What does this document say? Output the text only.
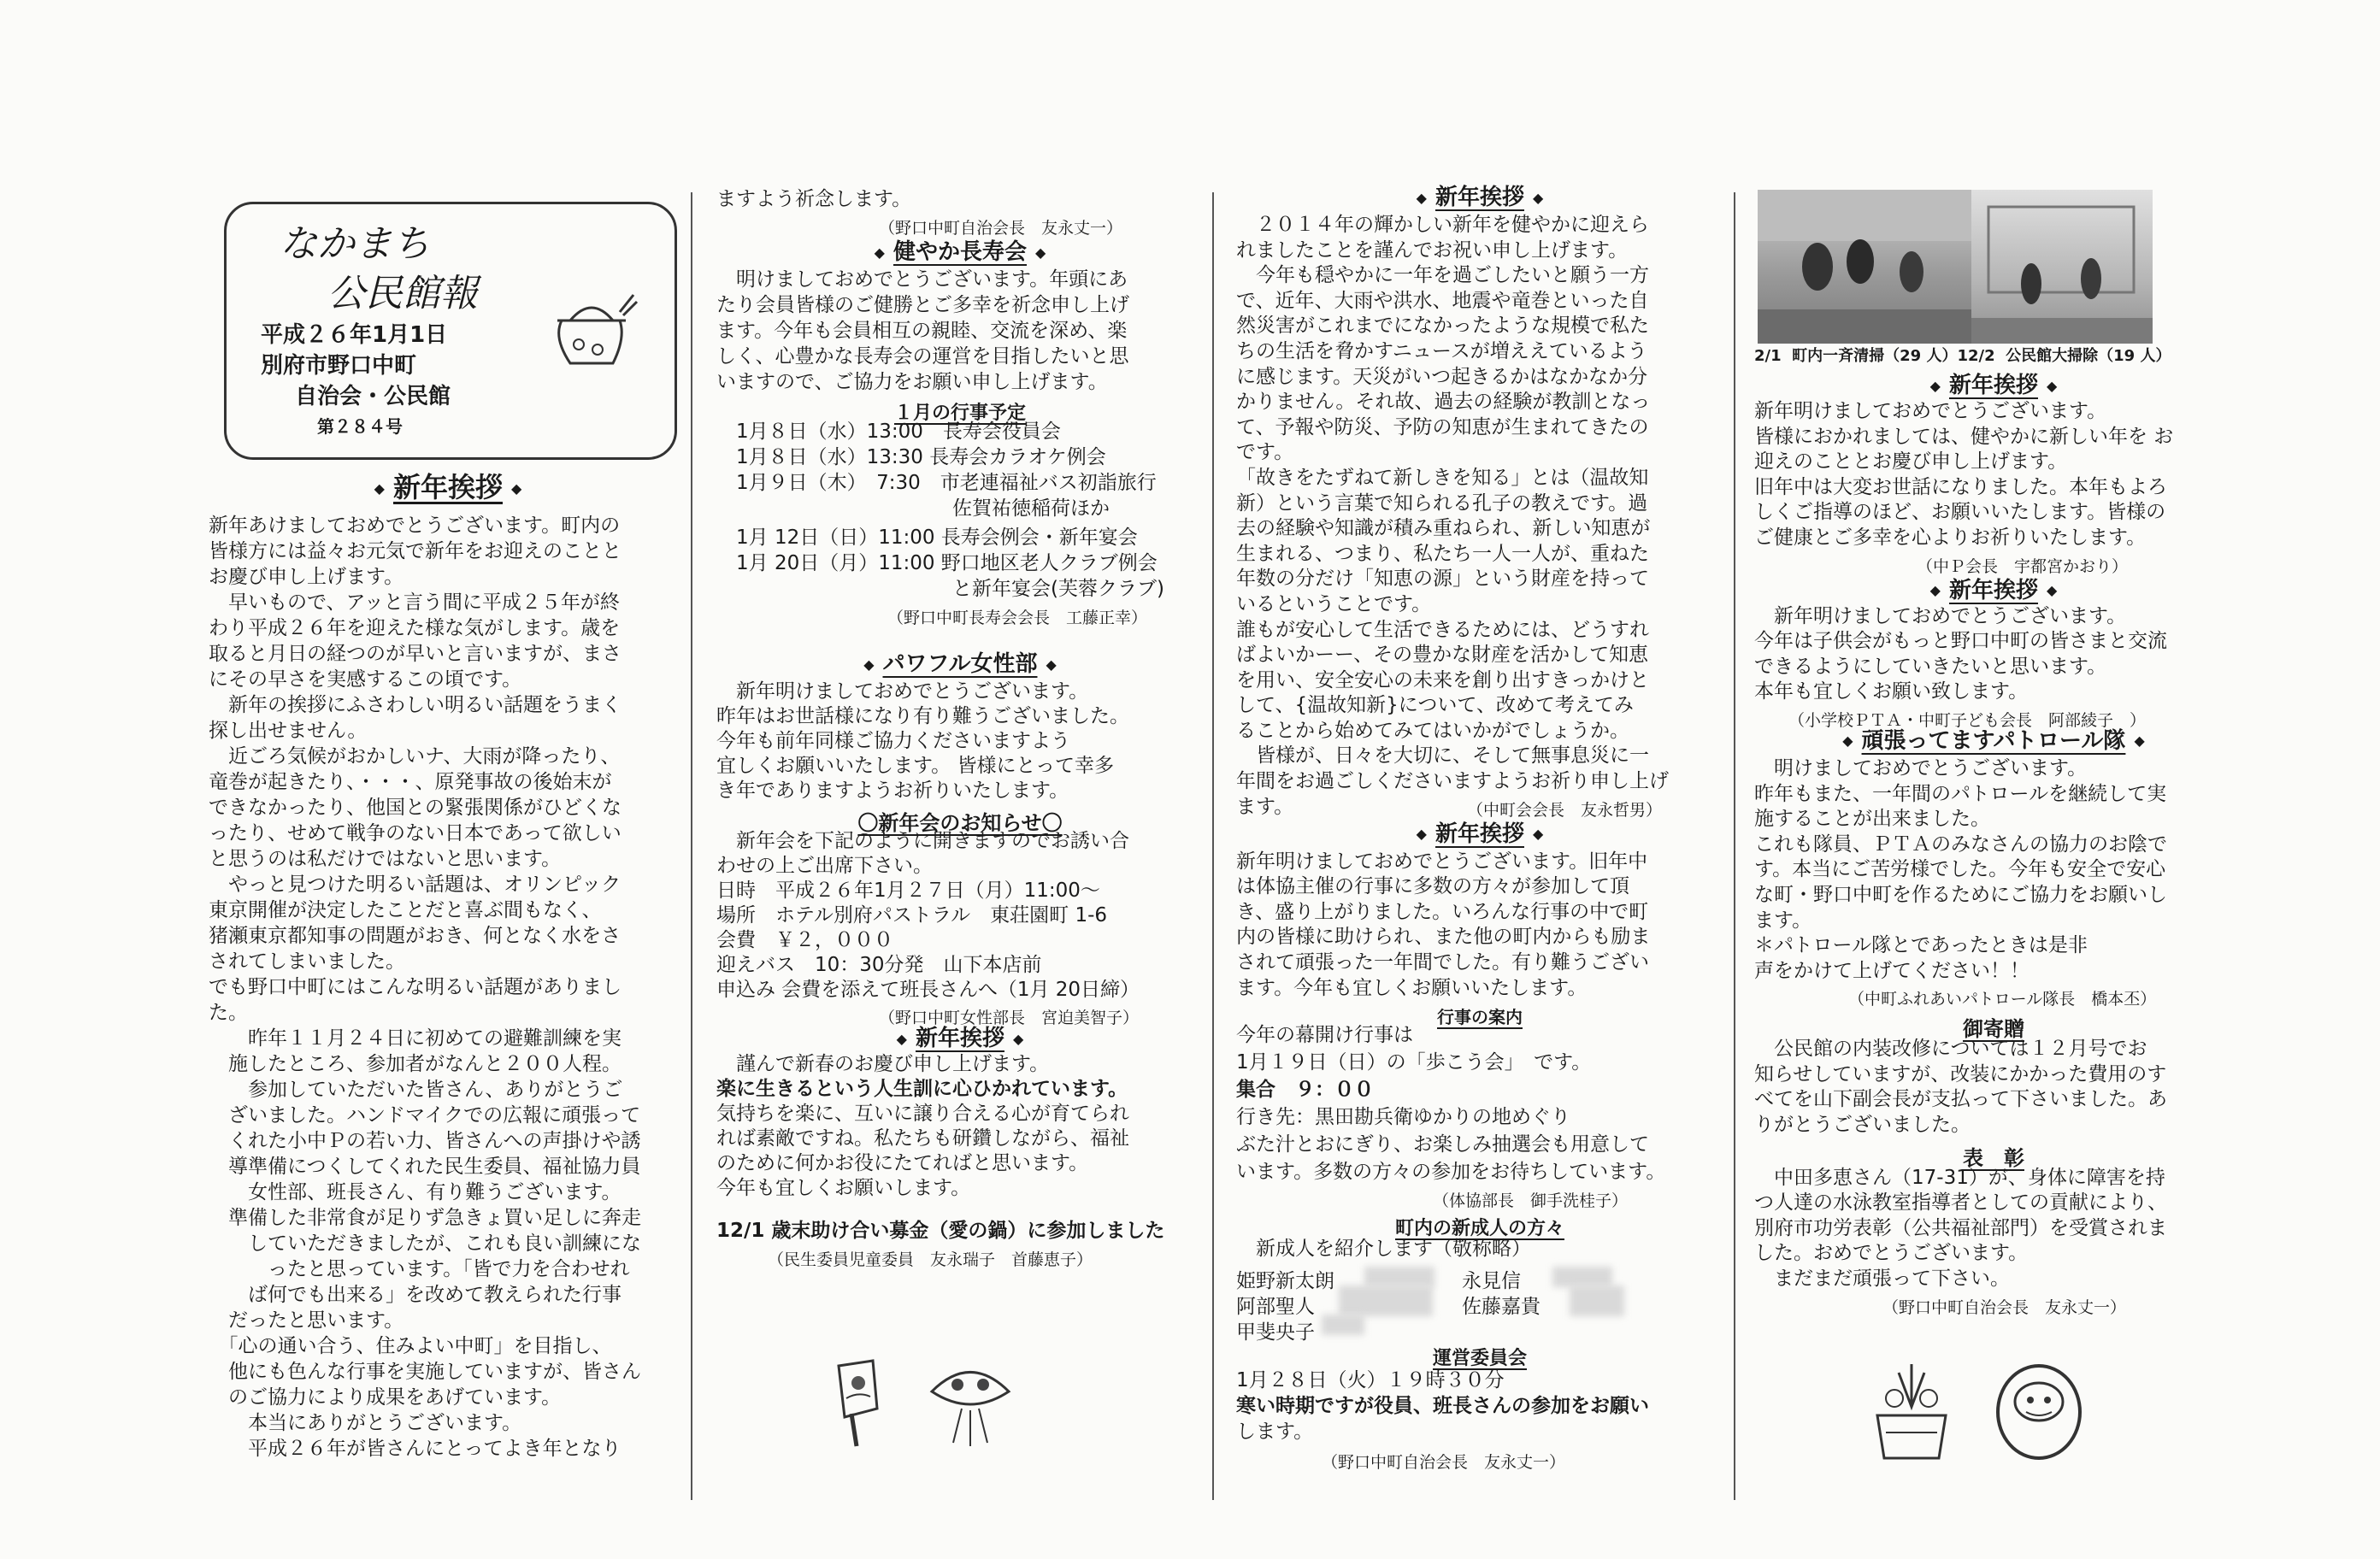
なかまち
公民館報
平成２６年1月1日
別府市野口中町
自治会・公民館
第２８４号
◆ 新年挨拶 ◆

新年あけましておめでとうございます。町内の

皆様方には益々お元気で新年をお迎えのことと

お慶び申し上げます。

　早いもので、アッと言う間に平成２５年が終

わり平成２６年を迎えた様な気がします。歳を

取ると月日の経つのが早いと言いますが、まさ

にその早さを実感するこの頃です。

　新年の挨拶にふさわしい明るい話題をうまく

探し出せません。

　近ごろ気候がおかしいナ、大雨が降ったり、

竜巻が起きたり、・・・、原発事故の後始末が

できなかったり、他国との緊張関係がひどくな

ったり、せめて戦争のない日本であって欲しい

と思うのは私だけではないと思います。

　やっと見つけた明るい話題は、オリンピック

東京開催が決定したことだと喜ぶ間もなく、

猪瀬東京都知事の問題がおき、何となく水をさ

されてしまいました。

でも野口中町にはこんな明るい話題がありまし

た。

　　昨年１１月２４日に初めての避難訓練を実

　施したところ、参加者がなんと２００人程。

　　参加していただいた皆さん、ありがとうご

　ざいました。ハンドマイクでの広報に頑張って

　くれた小中Ｐの若い力、皆さんへの声掛けや誘

　導準備につくしてくれた民生委員、福祉協力員

　　女性部、班長さん、有り難うございます。

　準備した非常食が足りず急きょ買い足しに奔走

　　していただきましたが、これも良い訓練にな

　　　ったと思っています。「皆で力を合わせれ

　　ば何でも出来る」を改めて教えられた行事

　だったと思います。

　「心の通い合う、住みよい中町」を目指し、

　他にも色んな行事を実施していますが、皆さん

　のご協力により成果をあげています。

　　本当にありがとうございます。

　　平成２６年が皆さんにとってよき年となり

ますよう祈念します。

（野口中町自治会長　友永丈一）
◆ 健やか長寿会 ◆

　明けましておめでとうございます。年頭にあ

たり会員皆様のご健勝とご多幸を祈念申し上げ

ます。今年も会員相互の親睦、交流を深め、楽

しく、心豊かな長寿会の運営を目指したいと思

いますので、ご協力をお願い申し上げます。

１月の行事予定

　1月８日（水）13:00　長寿会役員会

　1月８日（水）13:30 長寿会カラオケ例会

　1月９日（木）　7:30　市老連福祉バス初詣旅行

　　　　　　　　　　　　佐賀祐徳稲荷ほか

　1月 12日（日）11:00 長寿会例会・新年宴会

　1月 20日（月）11:00 野口地区老人クラブ例会

　　　　　　　　　　　　と新年宴会(芙蓉クラブ)

（野口中町長寿会会長　工藤正幸）
◆ パワフル女性部 ◆

　新年明けましておめでとうございます。

昨年はお世話様になり有り難うございました。

今年も前年同様ご協力くださいますよう

宜しくお願いいたします。 皆様にとって幸多

き年でありますようお祈りいたします。

〇新年会のお知らせ〇

　新年会を下記のように開きますのでお誘い合

わせの上ご出席下さい。

日時　平成２６年1月２７日（月）11:00～

場所　ホテル別府パストラル　東荘園町 1-6

会費　￥２，０００

迎えバス　10：30分発　山下本店前

申込み 会費を添えて班長さんへ（1月 20日締）

（野口中町女性部長　宮迫美智子）
◆ 新年挨拶 ◆

　謹んで新春のお慶び申し上げます。

楽に生きるという人生訓に心ひかれています。

気持ちを楽に、互いに譲り合える心が育てられ

れば素敵ですね。私たちも研鑽しながら、福祉

のために何かお役にたてればと思います。

今年も宜しくお願いします。

12/1 歳末助け合い募金（愛の鍋）に参加しました

（民生委員児童委員　友永瑞子　首藤恵子）
◆ 新年挨拶 ◆

　２０１４年の輝かしい新年を健やかに迎えら

れましたことを謹んでお祝い申し上げます。

　今年も穏やかに一年を過ごしたいと願う一方

で、近年、大雨や洪水、地震や竜巻といった自

然災害がこれまでになかったような規模で私た

ちの生活を脅かすニュースが増ええているよう

に感じます。天災がいつ起きるかはなかなか分

かりません。それ故、過去の経験が教訓となっ

て、予報や防災、予防の知恵が生まれてきたの

です。

「故きをたずねて新しきを知る」とは（温故知

新）という言葉で知られる孔子の教えです。過

去の経験や知識が積み重ねられ、新しい知恵が

生まれる、つまり、私たち一人一人が、重ねた

年数の分だけ「知恵の源」という財産を持って

いるということです。

誰もが安心して生活できるためには、どうすれ

ばよいかーー、その豊かな財産を活かして知恵

を用い、安全安心の未来を創り出すきっかけと

して、{温故知新}について、改めて考えてみ

ることから始めてみてはいかがでしょうか。

　皆様が、日々を大切に、そして無事息災に一

年間をお過ごしくださいますようお祈り申し上げ

ます。	（中町会会長　友永哲男）
◆ 新年挨拶 ◆

新年明けましておめでとうございます。旧年中

は体協主催の行事に多数の方々が参加して頂

き、盛り上がりました。いろんな行事の中で町

内の皆様に助けられ、また他の町内からも励ま

されて頑張った一年間でした。有り難うござい

ます。今年も宜しくお願いいたします。

行事の案内

今年の幕開け行事は

1月１９日（日）の「歩こう会」　です。

集合　９：００

行き先：黒田勘兵衛ゆかりの地めぐり

ぶた汁とおにぎり、お楽しみ抽選会も用意して

います。多数の方々の参加をお待ちしています。

（体協部長　御手洗桂子）
町内の新成人の方々

　新成人を紹介します（敬称略）

姫野新太朗	永見信
阿部聖人	佐藤嘉貴
甲斐央子
運営委員会

1月２８日（火）１９時３０分

寒い時期ですが役員、班長さんの参加をお願い

します。

（野口中町自治会長　友永丈一）
2/1  町内一斉清掃（29 人）12/2  公民館大掃除（19 人）
◆ 新年挨拶 ◆

新年明けましておめでとうございます。

皆様におかれましては、健やかに新しい年を お

迎えのこととお慶び申し上げます。

旧年中は大変お世話になりました。本年もよろ

しくご指導のほど、お願いいたします。皆様の

ご健康とご多幸を心よりお祈りいたします。

（中Ｐ会長　宇都宮かおり）
◆ 新年挨拶 ◆

　新年明けましておめでとうございます。

今年は子供会がもっと野口中町の皆さまと交流

できるようにしていきたいと思います。

本年も宜しくお願い致します。

（小学校ＰＴＡ・中町子ども会長　阿部綾子　）
◆ 頑張ってますパトロール隊 ◆

　明けましておめでとうございます。

昨年もまた、一年間のパトロールを継続して実

施することが出来ました。

これも隊員、ＰＴＡのみなさんの協力のお陰で

す。本当にご苦労様でした。今年も安全で安心

な町・野口中町を作るためにご協力をお願いし

ます。

＊パトロール隊とであったときは是非

声をかけて上げてください！！

（中町ふれあいパトロール隊長　橋本丕）
御寄贈

　公民館の内装改修については１２月号でお

知らせしていますが、改装にかかった費用のす

べてを山下副会長が支払って下さいました。あ

りがとうございました。

表　彰

　中田多恵さん（17-31）が、身体に障害を持

つ人達の水泳教室指導者としての貢献により、

別府市功労表彰（公共福祉部門）を受賞されま

した。おめでとうございます。

　まだまだ頑張って下さい。

（野口中町自治会長　友永丈一）
